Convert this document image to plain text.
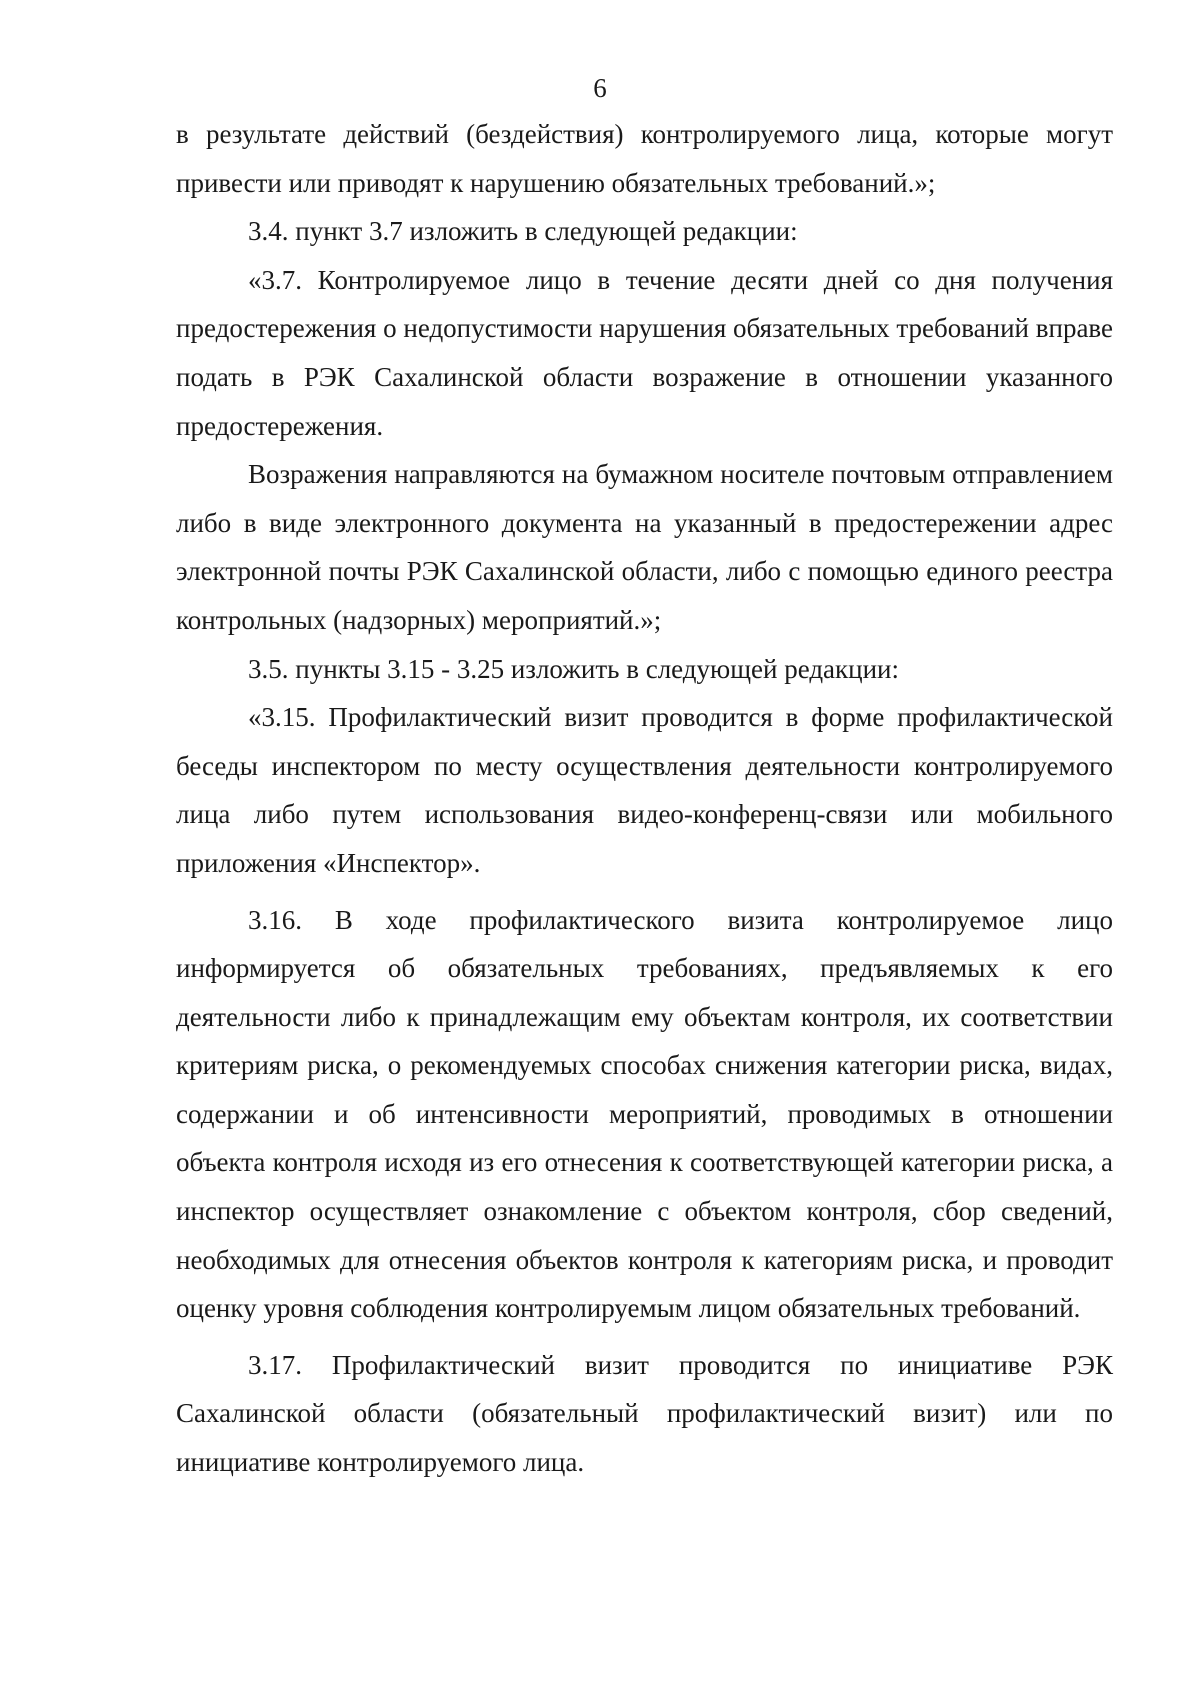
6

в результате действий (бездействия) контролируемого лица, которые могут привести или приводят к нарушению обязательных требований.»;

3.4. пункт 3.7 изложить в следующей редакции:

«3.7. Контролируемое лицо в течение десяти дней со дня получения предостережения о недопустимости нарушения обязательных требований вправе подать в РЭК Сахалинской области возражение в отношении указанного предостережения.

Возражения направляются на бумажном носителе почтовым отправлением либо в виде электронного документа на указанный в предостережении адрес электронной почты РЭК Сахалинской области, либо с помощью единого реестра контрольных (надзорных) мероприятий.»;

3.5. пункты 3.15 - 3.25 изложить в следующей редакции:

«3.15. Профилактический визит проводится в форме профилактической беседы инспектором по месту осуществления деятельности контролируемого лица либо путем использования видео-конференц-связи или мобильного приложения «Инспектор».

3.16. В ходе профилактического визита контролируемое лицо информируется об обязательных требованиях, предъявляемых к его деятельности либо к принадлежащим ему объектам контроля, их соответствии критериям риска, о рекомендуемых способах снижения категории риска, видах, содержании и об интенсивности мероприятий, проводимых в отношении объекта контроля исходя из его отнесения к соответствующей категории риска, а инспектор осуществляет ознакомление с объектом контроля, сбор сведений, необходимых для отнесения объектов контроля к категориям риска, и проводит оценку уровня соблюдения контролируемым лицом обязательных требований.

3.17. Профилактический визит проводится по инициативе РЭК Сахалинской области (обязательный профилактический визит) или по инициативе контролируемого лица.
